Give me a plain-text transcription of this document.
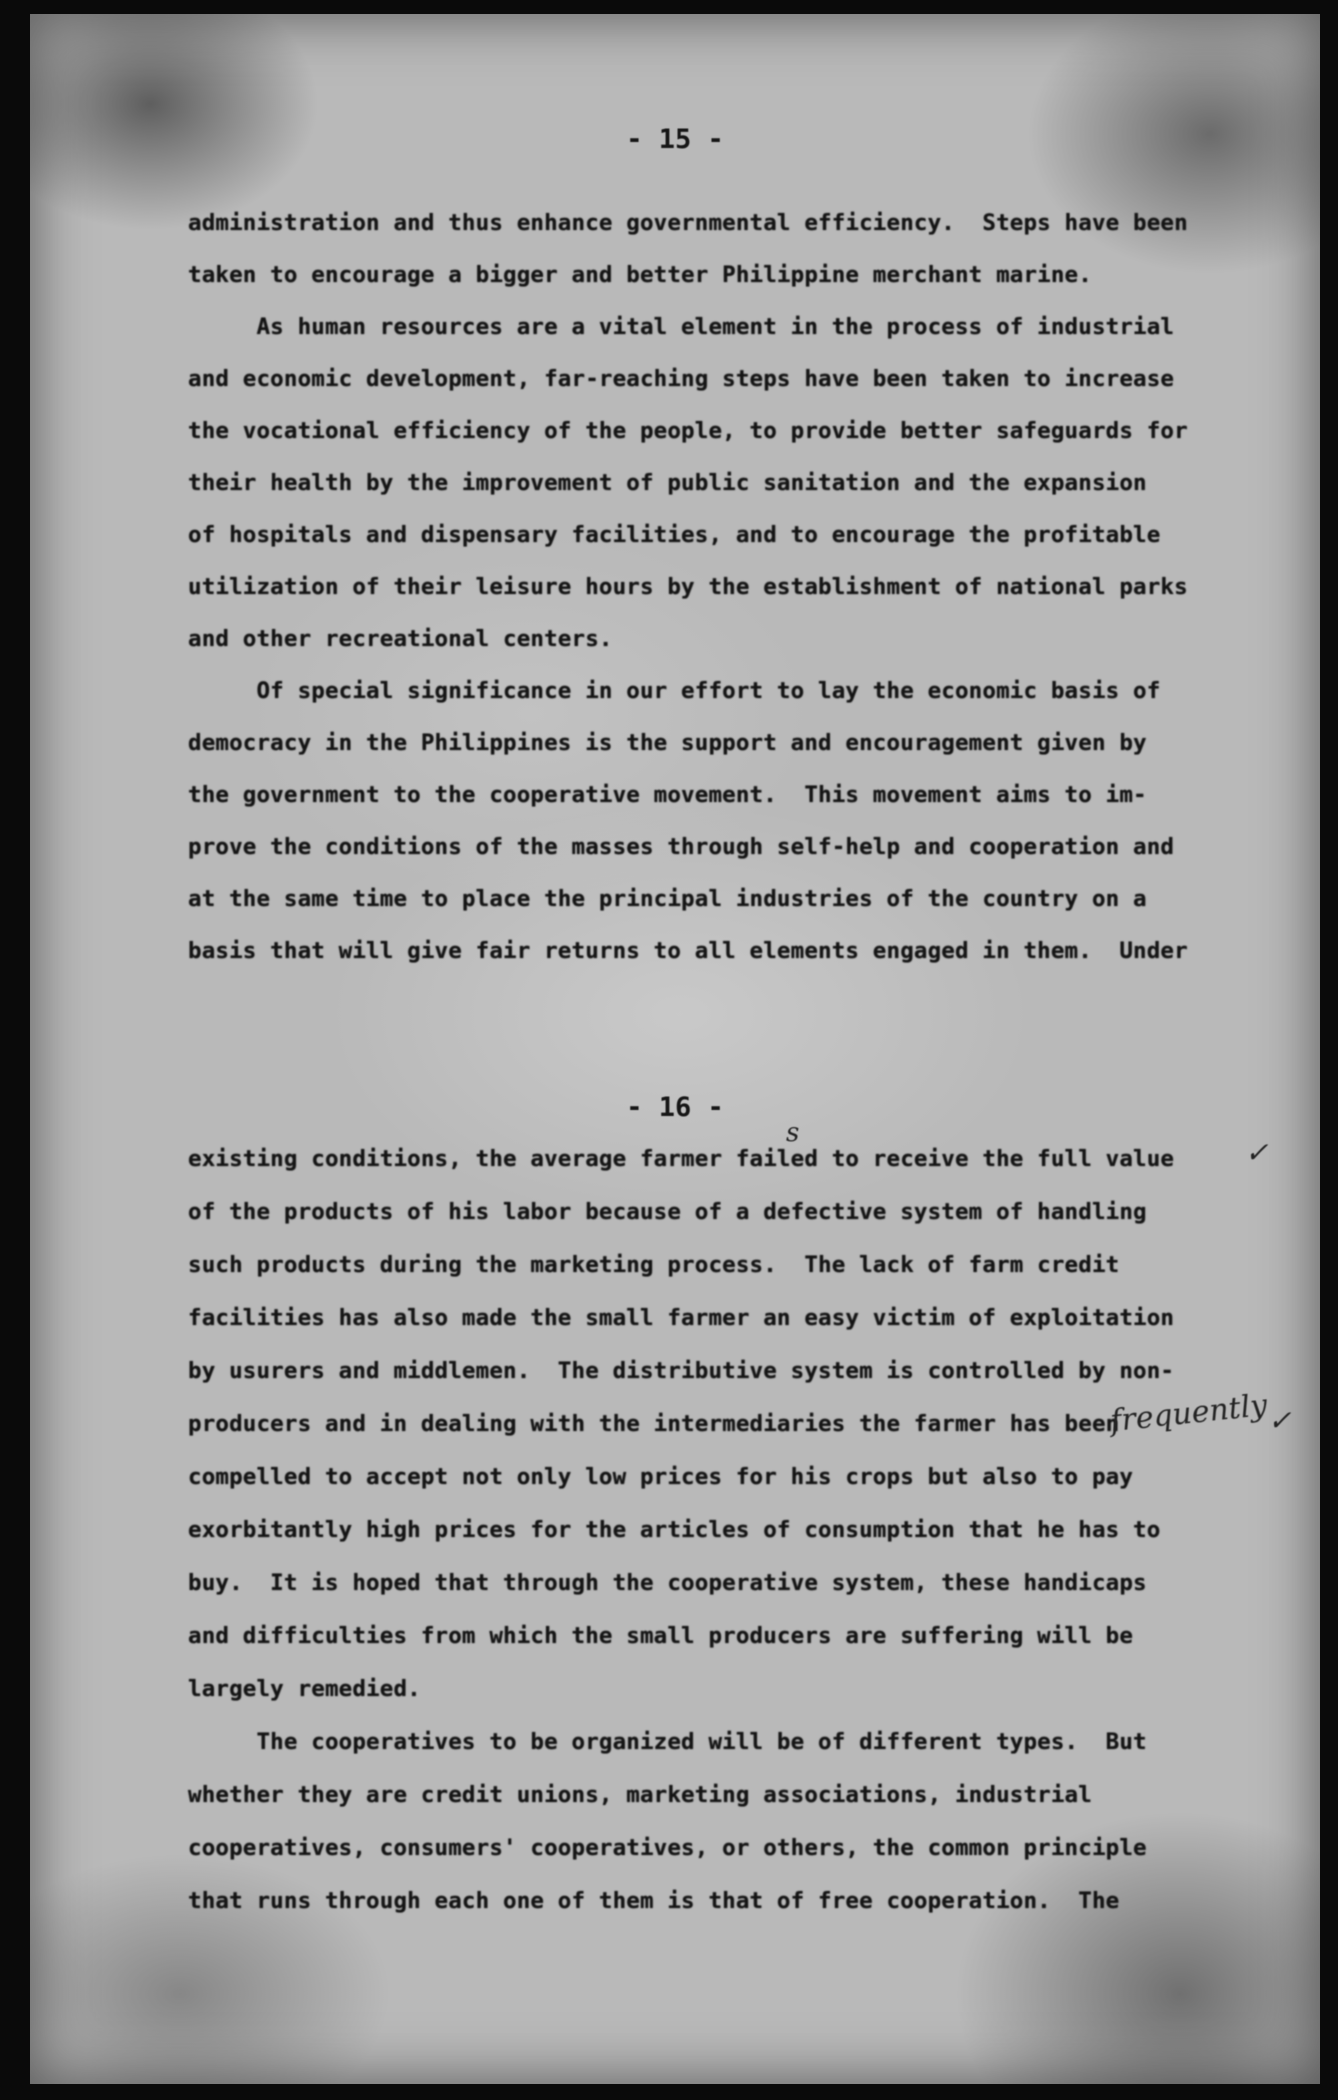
- 15 -

administration and thus enhance governmental efficiency.  Steps have been

taken to encourage a bigger and better Philippine merchant marine.

As human resources are a vital element in the process of industrial

and economic development, far-reaching steps have been taken to increase

the vocational efficiency of the people, to provide better safeguards for

their health by the improvement of public sanitation and the expansion

of hospitals and dispensary facilities, and to encourage the profitable

utilization of their leisure hours by the establishment of national parks

and other recreational centers.

Of special significance in our effort to lay the economic basis of

democracy in the Philippines is the support and encouragement given by

the government to the cooperative movement.  This movement aims to im-

prove the conditions of the masses through self-help and cooperation and

at the same time to place the principal industries of the country on a

basis that will give fair returns to all elements engaged in them.  Under

- 16 -

existing conditions, the average farmer failed to receive the full value

of the products of his labor because of a defective system of handling

such products during the marketing process.  The lack of farm credit

facilities has also made the small farmer an easy victim of exploitation

by usurers and middlemen.  The distributive system is controlled by non-

producers and in dealing with the intermediaries the farmer has been

compelled to accept not only low prices for his crops but also to pay

exorbitantly high prices for the articles of consumption that he has to

buy.  It is hoped that through the cooperative system, these handicaps

and difficulties from which the small producers are suffering will be

largely remedied.

The cooperatives to be organized will be of different types.  But

whether they are credit unions, marketing associations, industrial

cooperatives, consumers' cooperatives, or others, the common principle

that runs through each one of them is that of free cooperation.  The

s
✓
frequently ✓
